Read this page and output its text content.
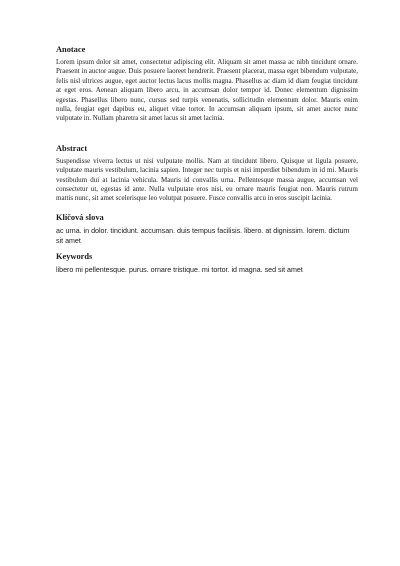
Anotace

Lorem ipsum dolor sit amet, consectetur adipiscing elit. Aliquam sit amet massa ac nibh tincidunt ornare. Praesent in auctor augue. Duis posuere laoreet hendrerit. Praesent placerat, massa eget bibendum vulputate, felis nisl ultrices augue, eget auctor lectus lacus mollis magna. Phasellus ac diam id diam feugiat tincidunt at eget eros. Aenean aliquam libero arcu, in accumsan dolor tempor id. Donec elementum dignissim egestas. Phasellus libero nunc, cursus sed turpis venenatis, sollicitudin elementum dolor. Mauris enim nulla, feugiat eget dapibus eu, aliquet vitae tortor. In accumsan aliquam ipsum, sit amet auctor nunc vulputate in. Nullam pharetra sit amet lacus sit amet lacinia.

Abstract

Suspendisse viverra lectus ut nisi vulputate mollis. Nam at tincidunt libero. Quisque ut ligula posuere, vulputate mauris vestibulum, lacinia sapien. Integer nec turpis et nisi imperdiet bibendum in id mi. Mauris vestibulum dui at lacinia vehicula. Mauris id convallis urna. Pellentesque massa augue, accumsan vel consectetur ut, egestas id ante. Nulla vulputate eros nisi, eu ornare mauris feugiat non. Mauris rutrum mattis nunc, sit amet scelerisque leo volutpat posuere. Fusce convallis arcu in eros suscipit lacinia.

Klíčová slova

ac urna. in dolor. tincidunt. accumsan. duis tempus facilisis. libero. at dignissim. lorem. dictum sit amet

Keywords

libero mi pellentesque. purus. ornare tristique. mi tortor. id magna. sed sit amet
